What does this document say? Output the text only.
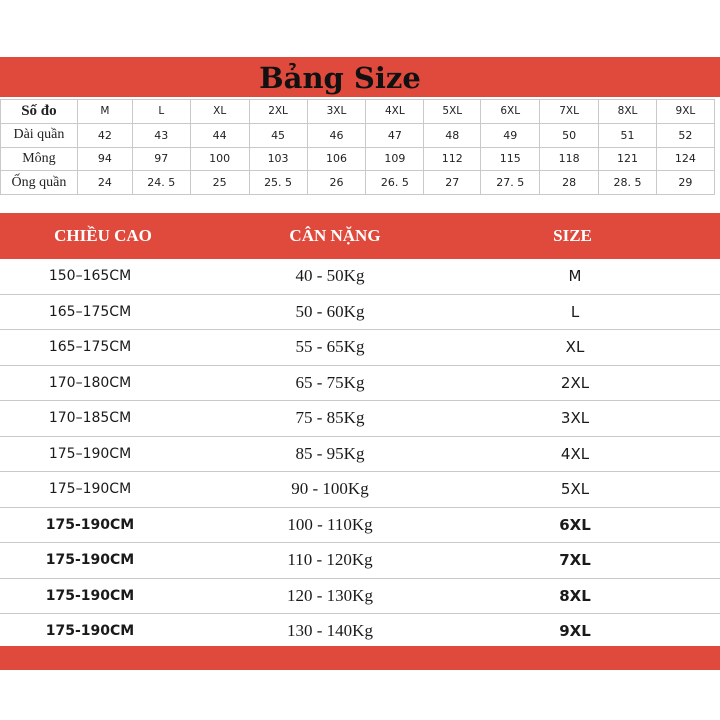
Bảng Size
Số đo	M	L	XL	2XL	3XL	4XL	5XL	6XL	7XL	8XL	9XL	
Dài quần	42	43	44	45	46	47	48	49	50	51	52	
Mông	94	97	100	103	106	109	112	115	118	121	124	
Ống quần	24	24. 5	25	25. 5	26	26. 5	27	27. 5	28	28. 5	29	
CHIỀU CAO	CÂN NẶNG	SIZE
150–165CM	40 - 50Kg	M
165–175CM	50 - 60Kg	L
165–175CM	55 - 65Kg	XL
170–180CM	65 - 75Kg	2XL
170–185CM	75 - 85Kg	3XL
175–190CM	85 - 95Kg	4XL
175–190CM	90 - 100Kg	5XL
175-190CM	100 - 110Kg	6XL
175-190CM	110 - 120Kg	7XL
175-190CM	120 - 130Kg	8XL
175-190CM	130 - 140Kg	9XL
